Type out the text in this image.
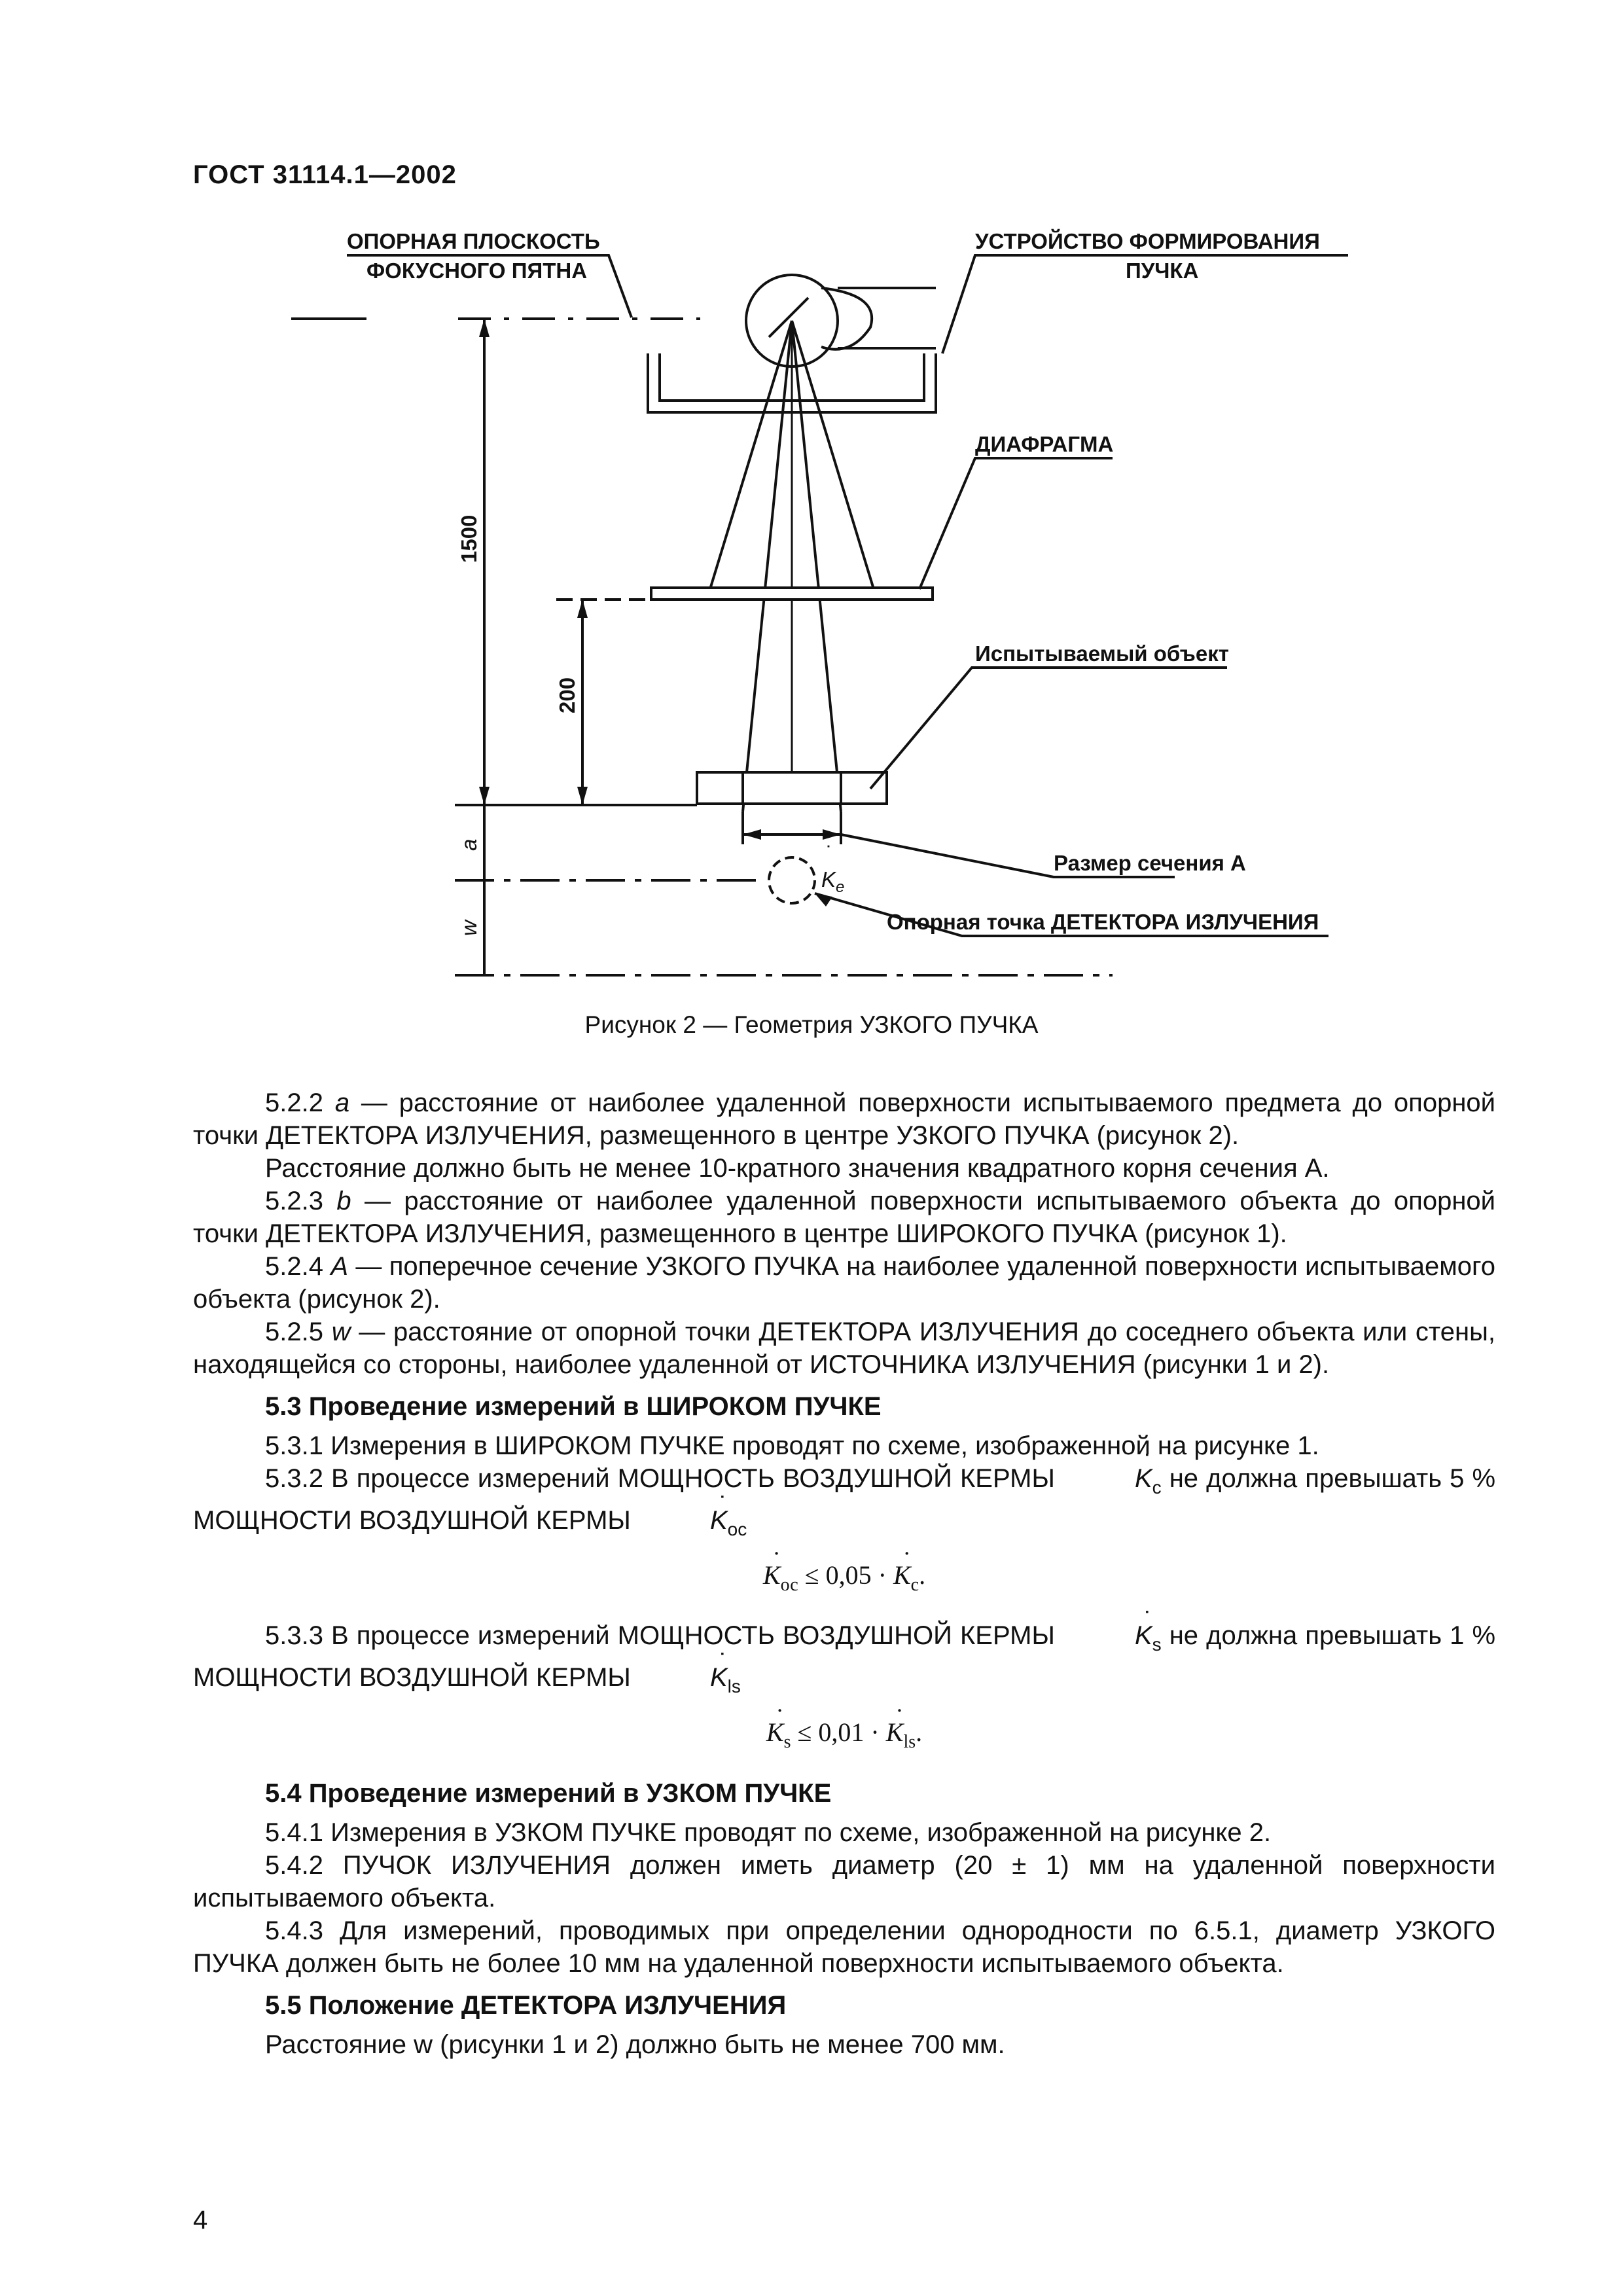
ГОСТ 31114.1—2002
ОПОРНАЯ ПЛОСКОСТЬ
ФОКУСНОГО ПЯТНА
УСТРОЙСТВО ФОРМИРОВАНИЯ
ПУЧКА
ДИАФРАГМА
Испытываемый объект
Размер сечения А
Опорная точка ДЕТЕКТОРА ИЗЛУЧЕНИЯ
1500
200
a
w
$K_e$
˙
Рисунок 2 — Геометрия УЗКОГО ПУЧКА

5.2.2 a — расстояние от наиболее удаленной поверхности испытываемого предмета до опорной точки ДЕТЕКТОРА ИЗЛУЧЕНИЯ, размещенного в центре УЗКОГО ПУЧКА (рисунок 2).

Расстояние должно быть не менее 10-кратного значения квадратного корня сечения А.

5.2.3 b — расстояние от наиболее удаленной поверхности испытываемого объекта до опорной точки ДЕТЕКТОРА ИЗЛУЧЕНИЯ, размещенного в центре ШИРОКОГО ПУЧКА (рисунок 1).

5.2.4 A — поперечное сечение УЗКОГО ПУЧКА на наиболее удаленной поверхности испытываемого объекта (рисунок 2).

5.2.5 w — расстояние от опорной точки ДЕТЕКТОРА ИЗЛУЧЕНИЯ до соседнего объекта или стены, находящейся со стороны, наиболее удаленной от ИСТОЧНИКА ИЗЛУЧЕНИЯ (рисунки 1 и 2).

5.3 Проведение измерений в ШИРОКОМ ПУЧКЕ

5.3.1 Измерения в ШИРОКОМ ПУЧКЕ проводят по схеме, изображенной на рисунке 1.

5.3.2 В процессе измерений МОЩНОСТЬ ВОЗДУШНОЙ КЕРМЫ	˙ $K_с$ не должна превышать 5 % МОЩНОСТИ ВОЗДУШНОЙ КЕРМЫ	˙ $K_{ос}$

˙ $K_{ос} \le 0,05$ · ˙ $K_с$.

5.3.3 В процессе измерений МОЩНОСТЬ ВОЗДУШНОЙ КЕРМЫ	˙ $K_s$ не должна превышать 1 % МОЩНОСТИ ВОЗДУШНОЙ КЕРМЫ	˙ $K_{ls}$

˙ $K_s \le 0,01$ · ˙ $K_{ls}$.

5.4 Проведение измерений в УЗКОМ ПУЧКЕ

5.4.1 Измерения в УЗКОМ ПУЧКЕ проводят по схеме, изображенной на рисунке 2.

5.4.2 ПУЧОК ИЗЛУЧЕНИЯ должен иметь диаметр (20 ± 1) мм на удаленной поверхности испытываемого объекта.

5.4.3 Для измерений, проводимых при определении однородности по 6.5.1, диаметр УЗКОГО ПУЧКА должен быть не более 10 мм на удаленной поверхности испытываемого объекта.

5.5 Положение ДЕТЕКТОРА ИЗЛУЧЕНИЯ

Расстояние w (рисунки 1 и 2) должно быть не менее 700 мм.

4
